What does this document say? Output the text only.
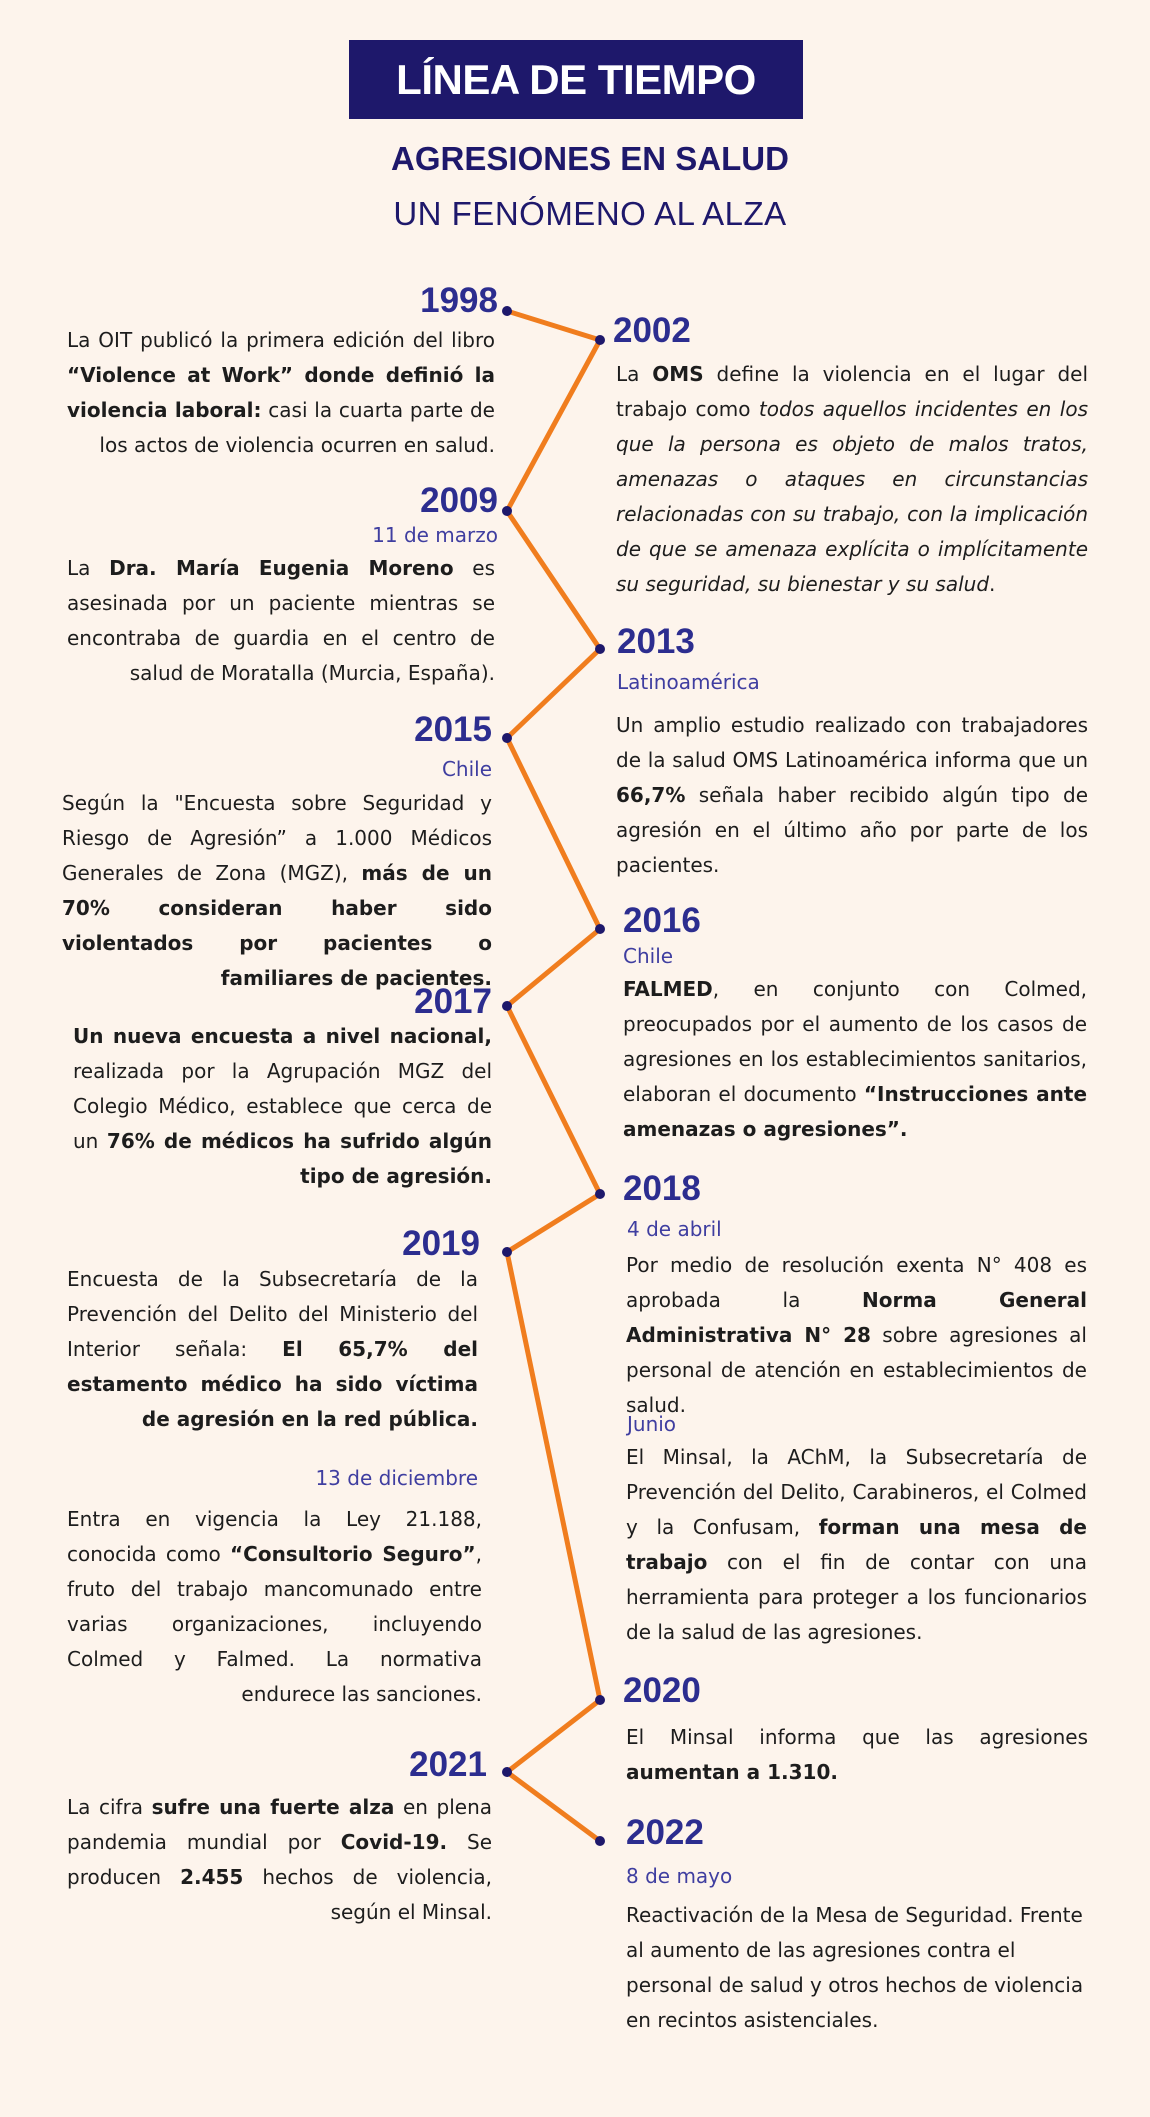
LÍNEA DE TIEMPO
AGRESIONES EN SALUD
UN FENÓMENO AL ALZA
1998
La OIT publicó la primera edición del libro “Violence at Work” donde definió la violencia laboral: casi la cuarta parte de los actos de violencia ocurren en salud.
2002
La OMS define la violencia en el lugar del trabajo como todos aquellos incidentes en los que la persona es objeto de malos tratos, amenazas o ataques en circunstancias relacionadas con su trabajo, con la implicación de que se amenaza explícita o implícitamente su seguridad, su bienestar y su salud.
2009
11 de marzo
La Dra. María Eugenia Moreno es asesinada por un paciente mientras se encontraba de guardia en el centro de salud de Moratalla (Murcia, España).
2013
Latinoamérica
Un amplio estudio realizado con trabajadores de la salud OMS Latinoamérica informa que un 66,7% señala haber recibido algún tipo de agresión en el último año por parte de los pacientes.
2015
Chile
Según la "Encuesta sobre Seguridad y Riesgo de Agresión” a 1.000 Médicos Generales de Zona (MGZ), más de un 70% consideran haber sido violentados por pacientes o familiares de pacientes.
2016
Chile
FALMED, en conjunto con Colmed, preocupados por el aumento de los casos de agresiones en los establecimientos sanitarios, elaboran el documento “Instrucciones ante amenazas o agresiones”.
2017
Un nueva encuesta a nivel nacional, realizada por la Agrupación MGZ del Colegio Médico, establece que cerca de un 76% de médicos ha sufrido algún tipo de agresión.	2018
4 de abril
Por medio de resolución exenta N° 408 es aprobada la Norma General Administrativa N° 28 sobre agresiones al personal de atención en establecimientos de salud.
Junio
El Minsal, la AChM, la Subsecretaría de Prevención del Delito, Carabineros, el Colmed y la Confusam, forman una mesa de trabajo con el fin de contar con una herramienta para proteger a los funcionarios de la salud de las agresiones.
2019
Encuesta de la Subsecretaría de la Prevención del Delito del Ministerio del Interior señala: El 65,7% del estamento médico ha sido víctima de agresión en la red pública.
13 de diciembre
Entra en vigencia la Ley 21.188, conocida como “Consultorio Seguro”, fruto del trabajo mancomunado entre varias organizaciones, incluyendo Colmed y Falmed. La normativa endurece las sanciones.	2020
El Minsal informa que las agresiones aumentan a 1.310.
2021
La cifra sufre una fuerte alza en plena pandemia mundial por Covid-19. Se producen 2.455 hechos de violencia, según el Minsal.
2022
8 de mayo
Reactivación de la Mesa de Seguridad. Frente al aumento de las agresiones contra el personal de salud y otros hechos de violencia en recintos asistenciales.
